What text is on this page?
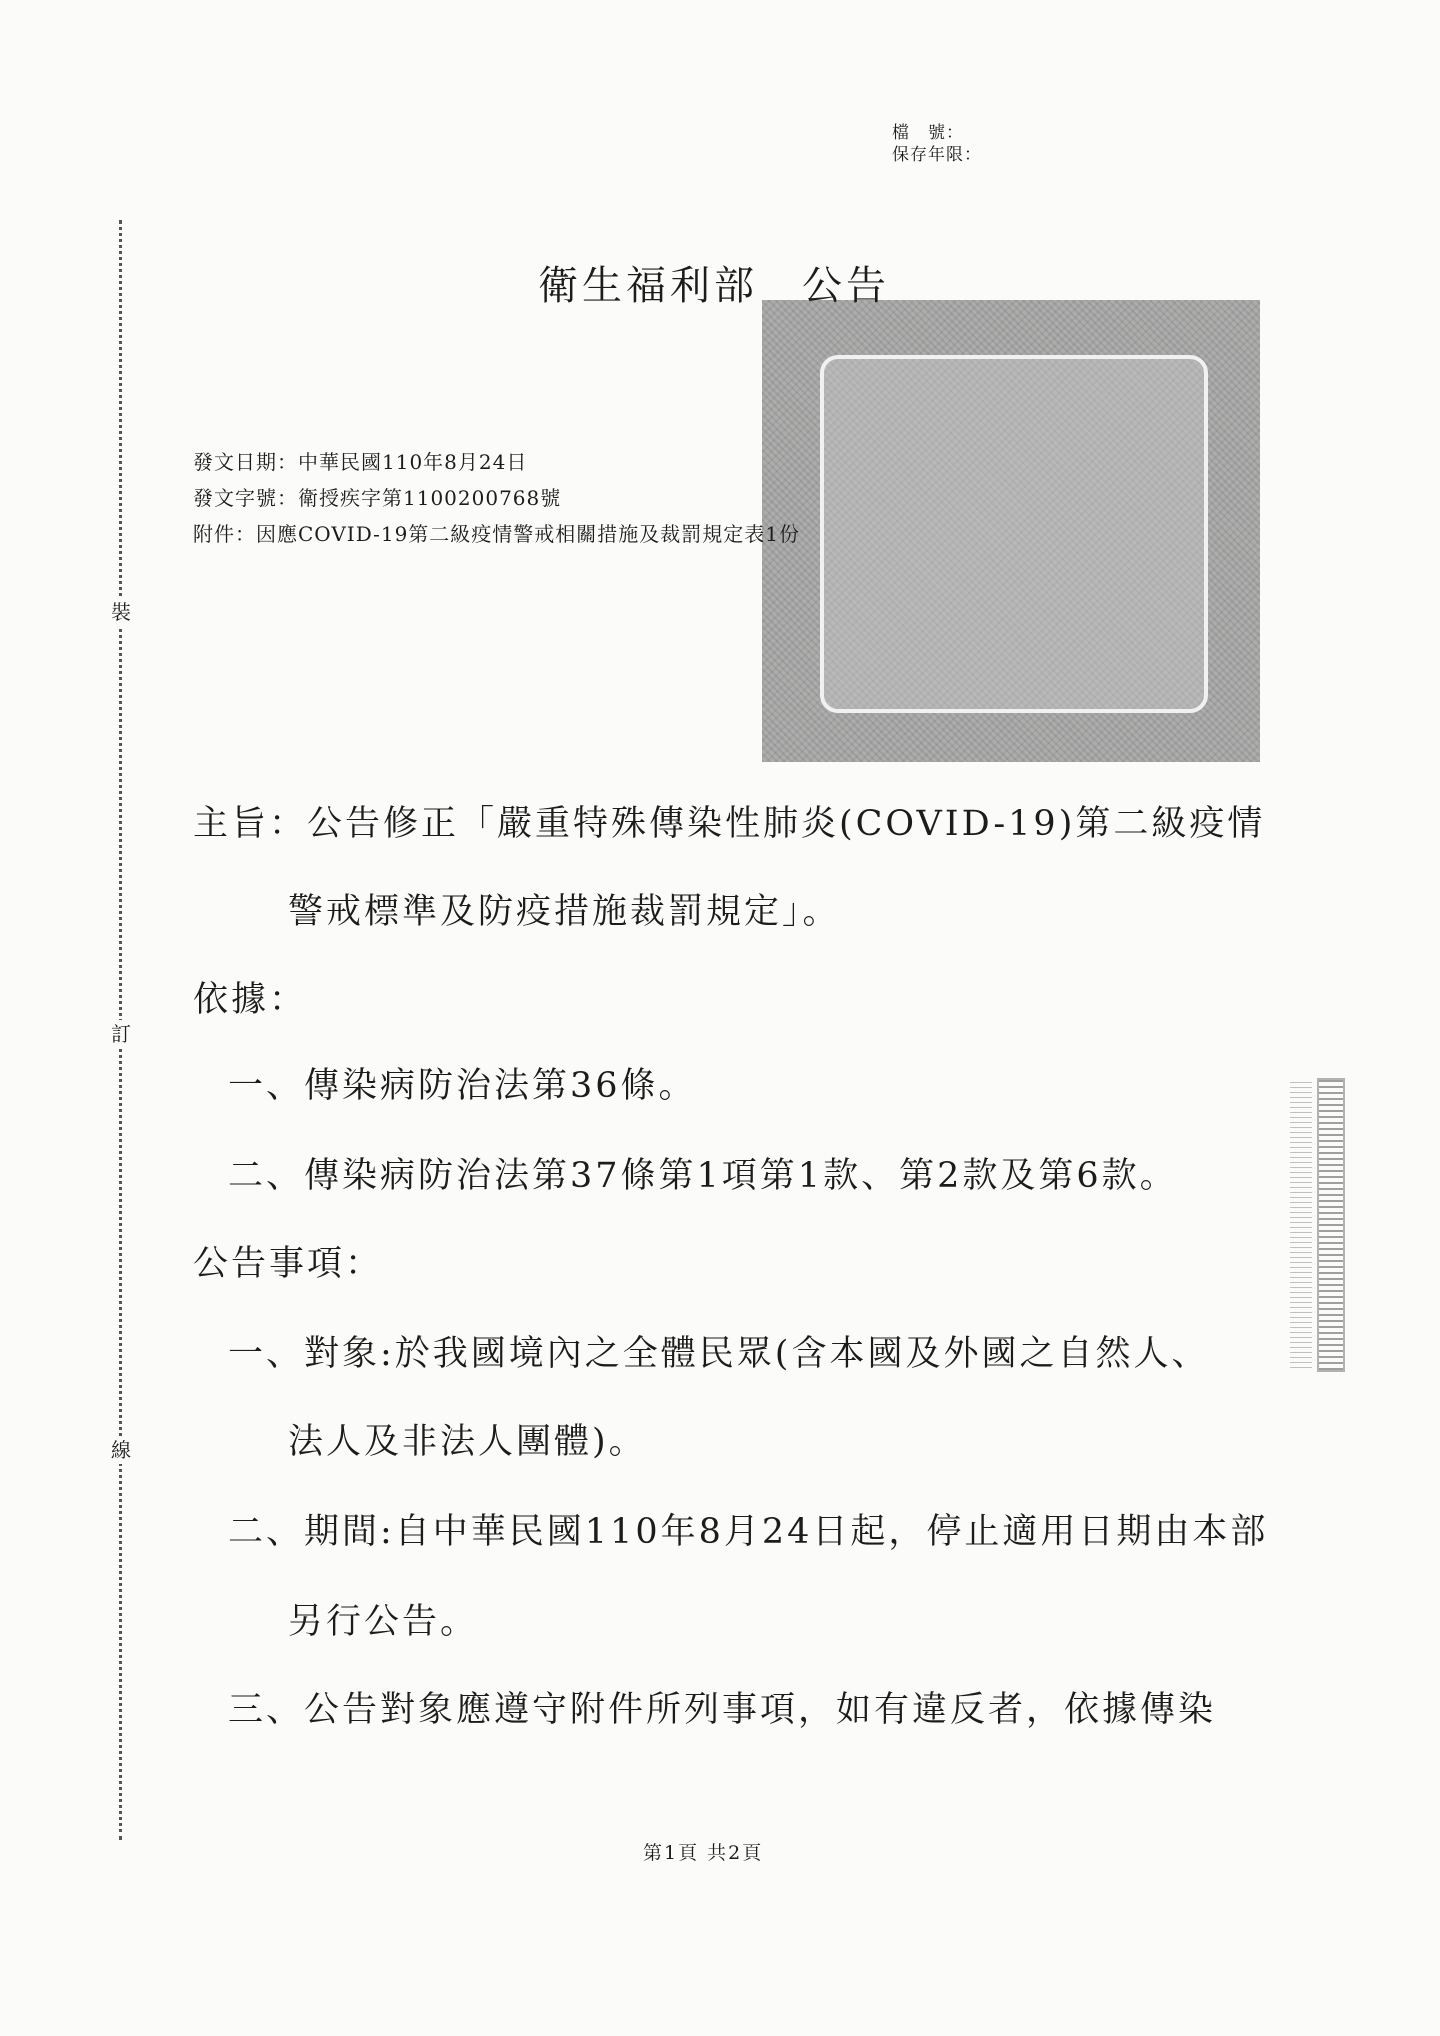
裝
訂
線
檔　號：
保存年限：
衛生福利部　公告
發文日期：中華民國110年8月24日
發文字號：衛授疾字第1100200768號
附件：因應COVID-19第二級疫情警戒相關措施及裁罰規定表1份
主旨：公告修正「嚴重特殊傳染性肺炎(COVID-19)第二級疫情
警戒標準及防疫措施裁罰規定」。
依據：
一、傳染病防治法第36條。
二、傳染病防治法第37條第1項第1款、第2款及第6款。
公告事項：
一、對象:於我國境內之全體民眾(含本國及外國之自然人、
法人及非法人團體)。
二、期間:自中華民國110年8月24日起，停止適用日期由本部
另行公告。
三、公告對象應遵守附件所列事項，如有違反者，依據傳染
第1頁 共2頁
